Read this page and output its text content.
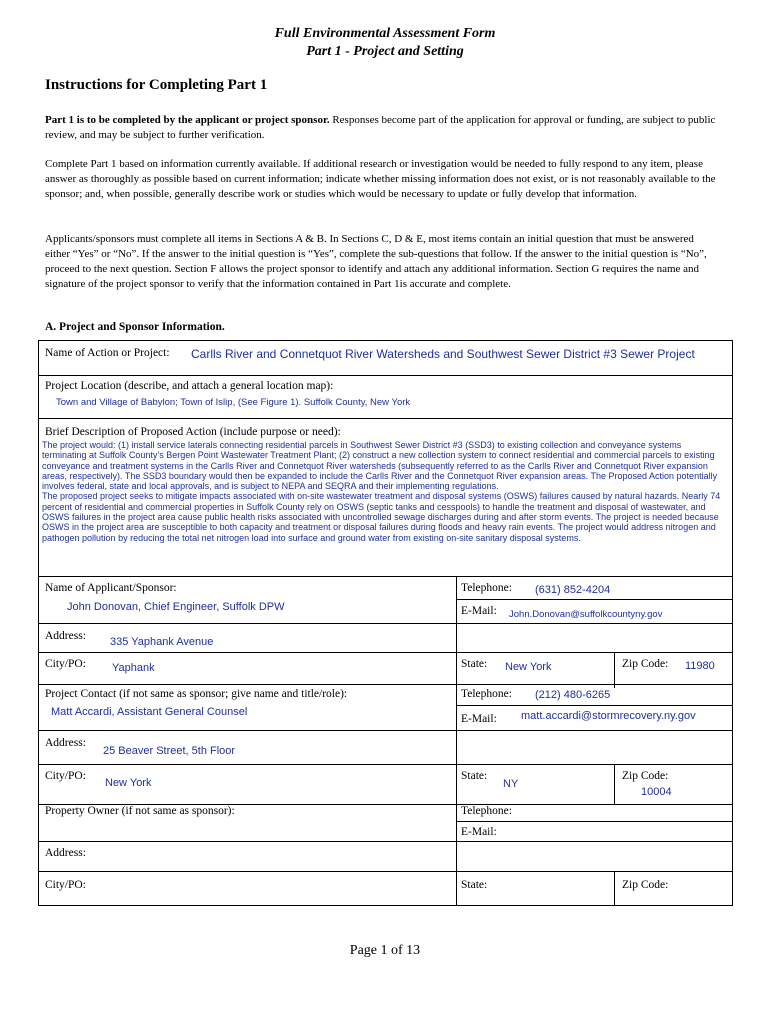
Full Environmental Assessment Form
Part 1 - Project and Setting
Instructions for Completing Part 1
Part 1 is to be completed by the applicant or project sponsor. Responses become part of the application for approval or funding, are subject to public review, and may be subject to further verification.
Complete Part 1 based on information currently available. If additional research or investigation would be needed to fully respond to any item, please answer as thoroughly as possible based on current information; indicate whether missing information does not exist, or is not reasonably available to the sponsor; and, when possible, generally describe work or studies which would be necessary to update or fully develop that information.
Applicants/sponsors must complete all items in Sections A & B. In Sections C, D & E, most items contain an initial question that must be answered either “Yes” or “No”. If the answer to the initial question is “Yes”, complete the sub-questions that follow. If the answer to the initial question is “No”, proceed to the next question. Section F allows the project sponsor to identify and attach any additional information. Section G requires the name and signature of the project sponsor to verify that the information contained in Part 1is accurate and complete.
A. Project and Sponsor Information.
Name of Action or Project: Carlls River and Connetquot River Watersheds and Southwest Sewer District #3 Sewer Project
Project Location (describe, and attach a general location map):
Town and Village of Babylon; Town of Islip, (See Figure 1). Suffolk County, New York
Brief Description of Proposed Action (include purpose or need):

The project would: (1) install service laterals connecting residential parcels in Southwest Sewer District #3 (SSD3) to existing collection and conveyance systems terminating at Suffolk County’s Bergen Point Wastewater Treatment Plant; (2) construct a new collection system to connect residential and commercial parcels to existing conveyance and treatment systems in the Carlls River and Connetquot River watersheds (subsequently referred to as the Carlls River and Connetquot River expansion areas, respectively). The SSD3 boundary would then be expanded to include the Carlls River and the Connetquot River expansion areas. The Proposed Action potentially involves federal, state and local approvals, and is subject to NEPA and SEQRA and their implementing regulations.

The proposed project seeks to mitigate impacts associated with on-site wastewater treatment and disposal systems (OSWS) failures caused by natural hazards. Nearly 74 percent of residential and commercial properties in Suffolk County rely on OSWS (septic tanks and cesspools) to handle the treatment and disposal of wastewater, and OSWS failures in the project area cause public health risks associated with uncontrolled sewage discharges during and after storm events. The project is needed because OSWS in the project area are susceptible to both capacity and treatment or disposal failures during floods and heavy rain events. The project would address nitrogen and pathogen pollution by reducing the total net nitrogen load into surface and ground water from existing on-site sanitary disposal systems.

Name of Applicant/Sponsor:
John Donovan, Chief Engineer, Suffolk DPW
Telephone: (631) 852-4204
E-Mail: John.Donovan@suffolkcountyny.gov
Address: 335 Yaphank Avenue
City/PO: Yaphank	State: New York	Zip Code: 11980
Project Contact (if not same as sponsor; give name and title/role):
Matt Accardi, Assistant General Counsel
Telephone: (212) 480-6265
E-Mail: matt.accardi@stormrecovery.ny.gov
Address:
25 Beaver Street, 5th Floor
City/PO:
New York
State:
NY
Zip Code:
10004
Property Owner (if not same as sponsor):	Telephone:
E-Mail:
Address:
City/PO:	State:	Zip Code:
Page 1 of 13
